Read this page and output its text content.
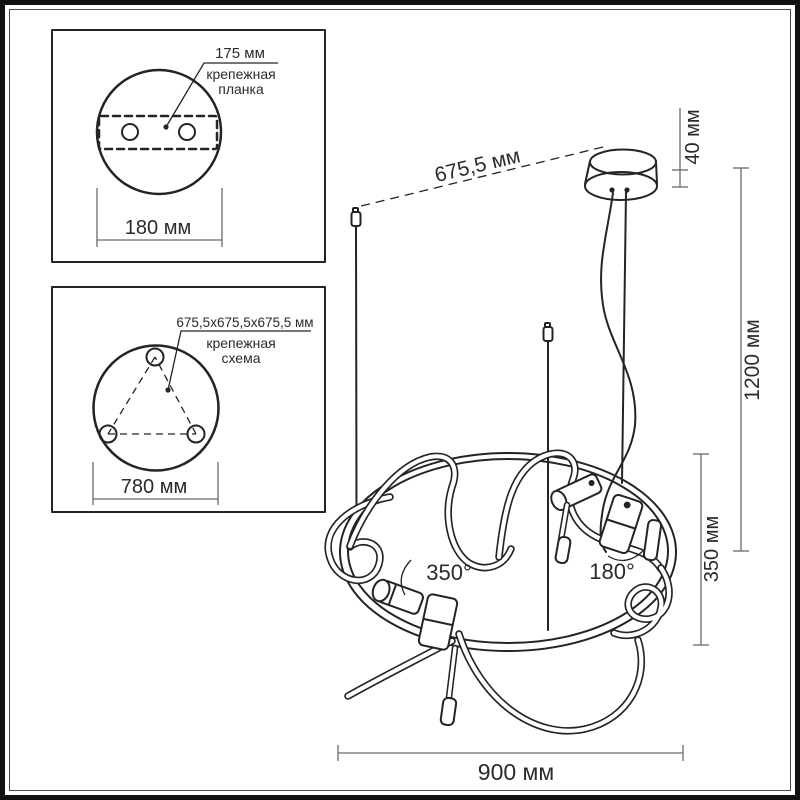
175 мм
крепежная
планка
180 мм
675,5x675,5x675,5 мм
крепежная
схема
780 мм
675,5 мм
350°	180°
40 мм
1200 мм
350 мм
900 мм
